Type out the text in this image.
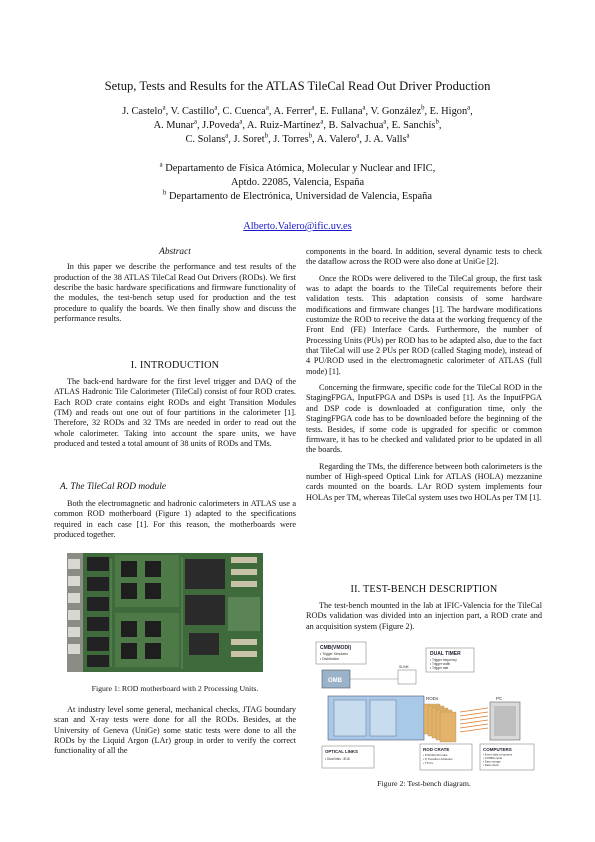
Setup, Tests and Results for the ATLAS TileCal Read Out Driver Production
J. Castelo$^a$, V. Castillo$^a$, C. Cuenca$^a$, A. Ferrer$^a$, E. Fullana$^a$, V. González$^b$, E. Higon$^a$,
A. Munar$^a$, J.Poveda$^a$, A. Ruiz-Martínez$^a$, B. Salvachua$^a$, E. Sanchís$^b$,
C. Solans$^a$, J. Soret$^b$, J. Torres$^b$, A. Valero$^a$, J. A. Valls$^a$
$^a$ Departamento de Física Atómica, Molecular y Nuclear and IFIC,
Aptdo. 22085, Valencia, España
$^b$ Departamento de Electrónica, Universidad de Valencia, España
Alberto.Valero@ific.uv.es
Abstract

In this paper we describe the performance and test results of the production of the 38 ATLAS TileCal Read Out Drivers (RODs). We first describe the basic hardware specifications and firmware functionality of the modules, the test-bench setup used for production and the test procedure to qualify the boards. We then finally show and discuss the performance results.

I. INTRODUCTION

The back-end hardware for the first level trigger and DAQ of the ATLAS Hadronic Tile Calorimeter (TileCal) consist of four ROD crates. Each ROD crate contains eight RODs and eight Transition Modules (TM) and reads out one out of four partitions in the calorimeter [1]. Therefore, 32 RODs and 32 TMs are needed in order to read out the whole calorimeter. Taking into account the spare units, we have produced and tested a total amount of 38 units of RODs and TMs.

A. The TileCal ROD module

Both the electromagnetic and hadronic calorimeters in ATLAS use a common ROD motherboard (Figure 1) adapted to the specifications required in each case [1]. For this reason, the motherboards were produced together.

Figure 1: ROD motherboard with 2 Processing Units.

At industry level some general, mechanical checks, JTAG boundary scan and X-ray tests were done for all the RODs. Besides, at the University of Geneva (UniGe) some static tests were done to all the RODs by the Liquid Argon (LAr) group in order to verify the correct functionality of all the

components in the board. In addition, several dynamic tests to check the dataflow across the ROD were also done at UniGe [2].

Once the RODs were delivered to the TileCal group, the first task was to adapt the boards to the TileCal requirements before their validation tests. This adaptation consists of some hardware modifications and firmware changes [1]. The hardware modifications customize the ROD to receive the data at the working frequency of the Front End (FE) Interface Cards. Furthermore, the number of Processing Units (PUs) per ROD has to be adapted also, due to the fact that TileCal will use 2 PUs per ROD (called Staging mode), instead of 4 PU/ROD used in the electromagnetic calorimeter of ATLAS (full mode) [1].

Concerning the firmware, specific code for the TileCal ROD in the StagingFPGA, InputFPGA and DSPs is used [1]. As the InputFPGA and DSP code is downloaded at configuration time, only the StagingFPGA code has to be downloaded before the beginning of the tests. Besides, if some code is upgraded for specific or common firmware, it has to be checked and validated prior to be updated in all the boards.

Regarding the TMs, the difference between both calorimeters is the number of High-speed Optical Link for ATLAS (HOLA) mezzanine cards mounted on the boards. LAr ROD system implements four HOLAs per TM, whereas TileCal system uses two HOLAs per TM [1].

II. TEST-BENCH DESCRIPTION

The test-bench mounted in the lab at IFIC-Valencia for the TileCal RODs validation was divided into an injection part, a ROD crate and an acquisition system (Figure 2).

CMB(VMODI)
• Trigger Simulator
• Distribution
DUAL TIMER
• Trigger frequency
• Trigger width
• Trigger rate
OMB
SLINK
RODs	PC
OPTICAL LINKS
• Dual links : 8/16
ROD CRATE
• 8 RODs/16 Links
• 8 Transition Modules
• TTCrx
COMPUTERS
• Event-data computers
• CORBA cards
• Data storage
• Data check
Figure 2: Test-bench diagram.
